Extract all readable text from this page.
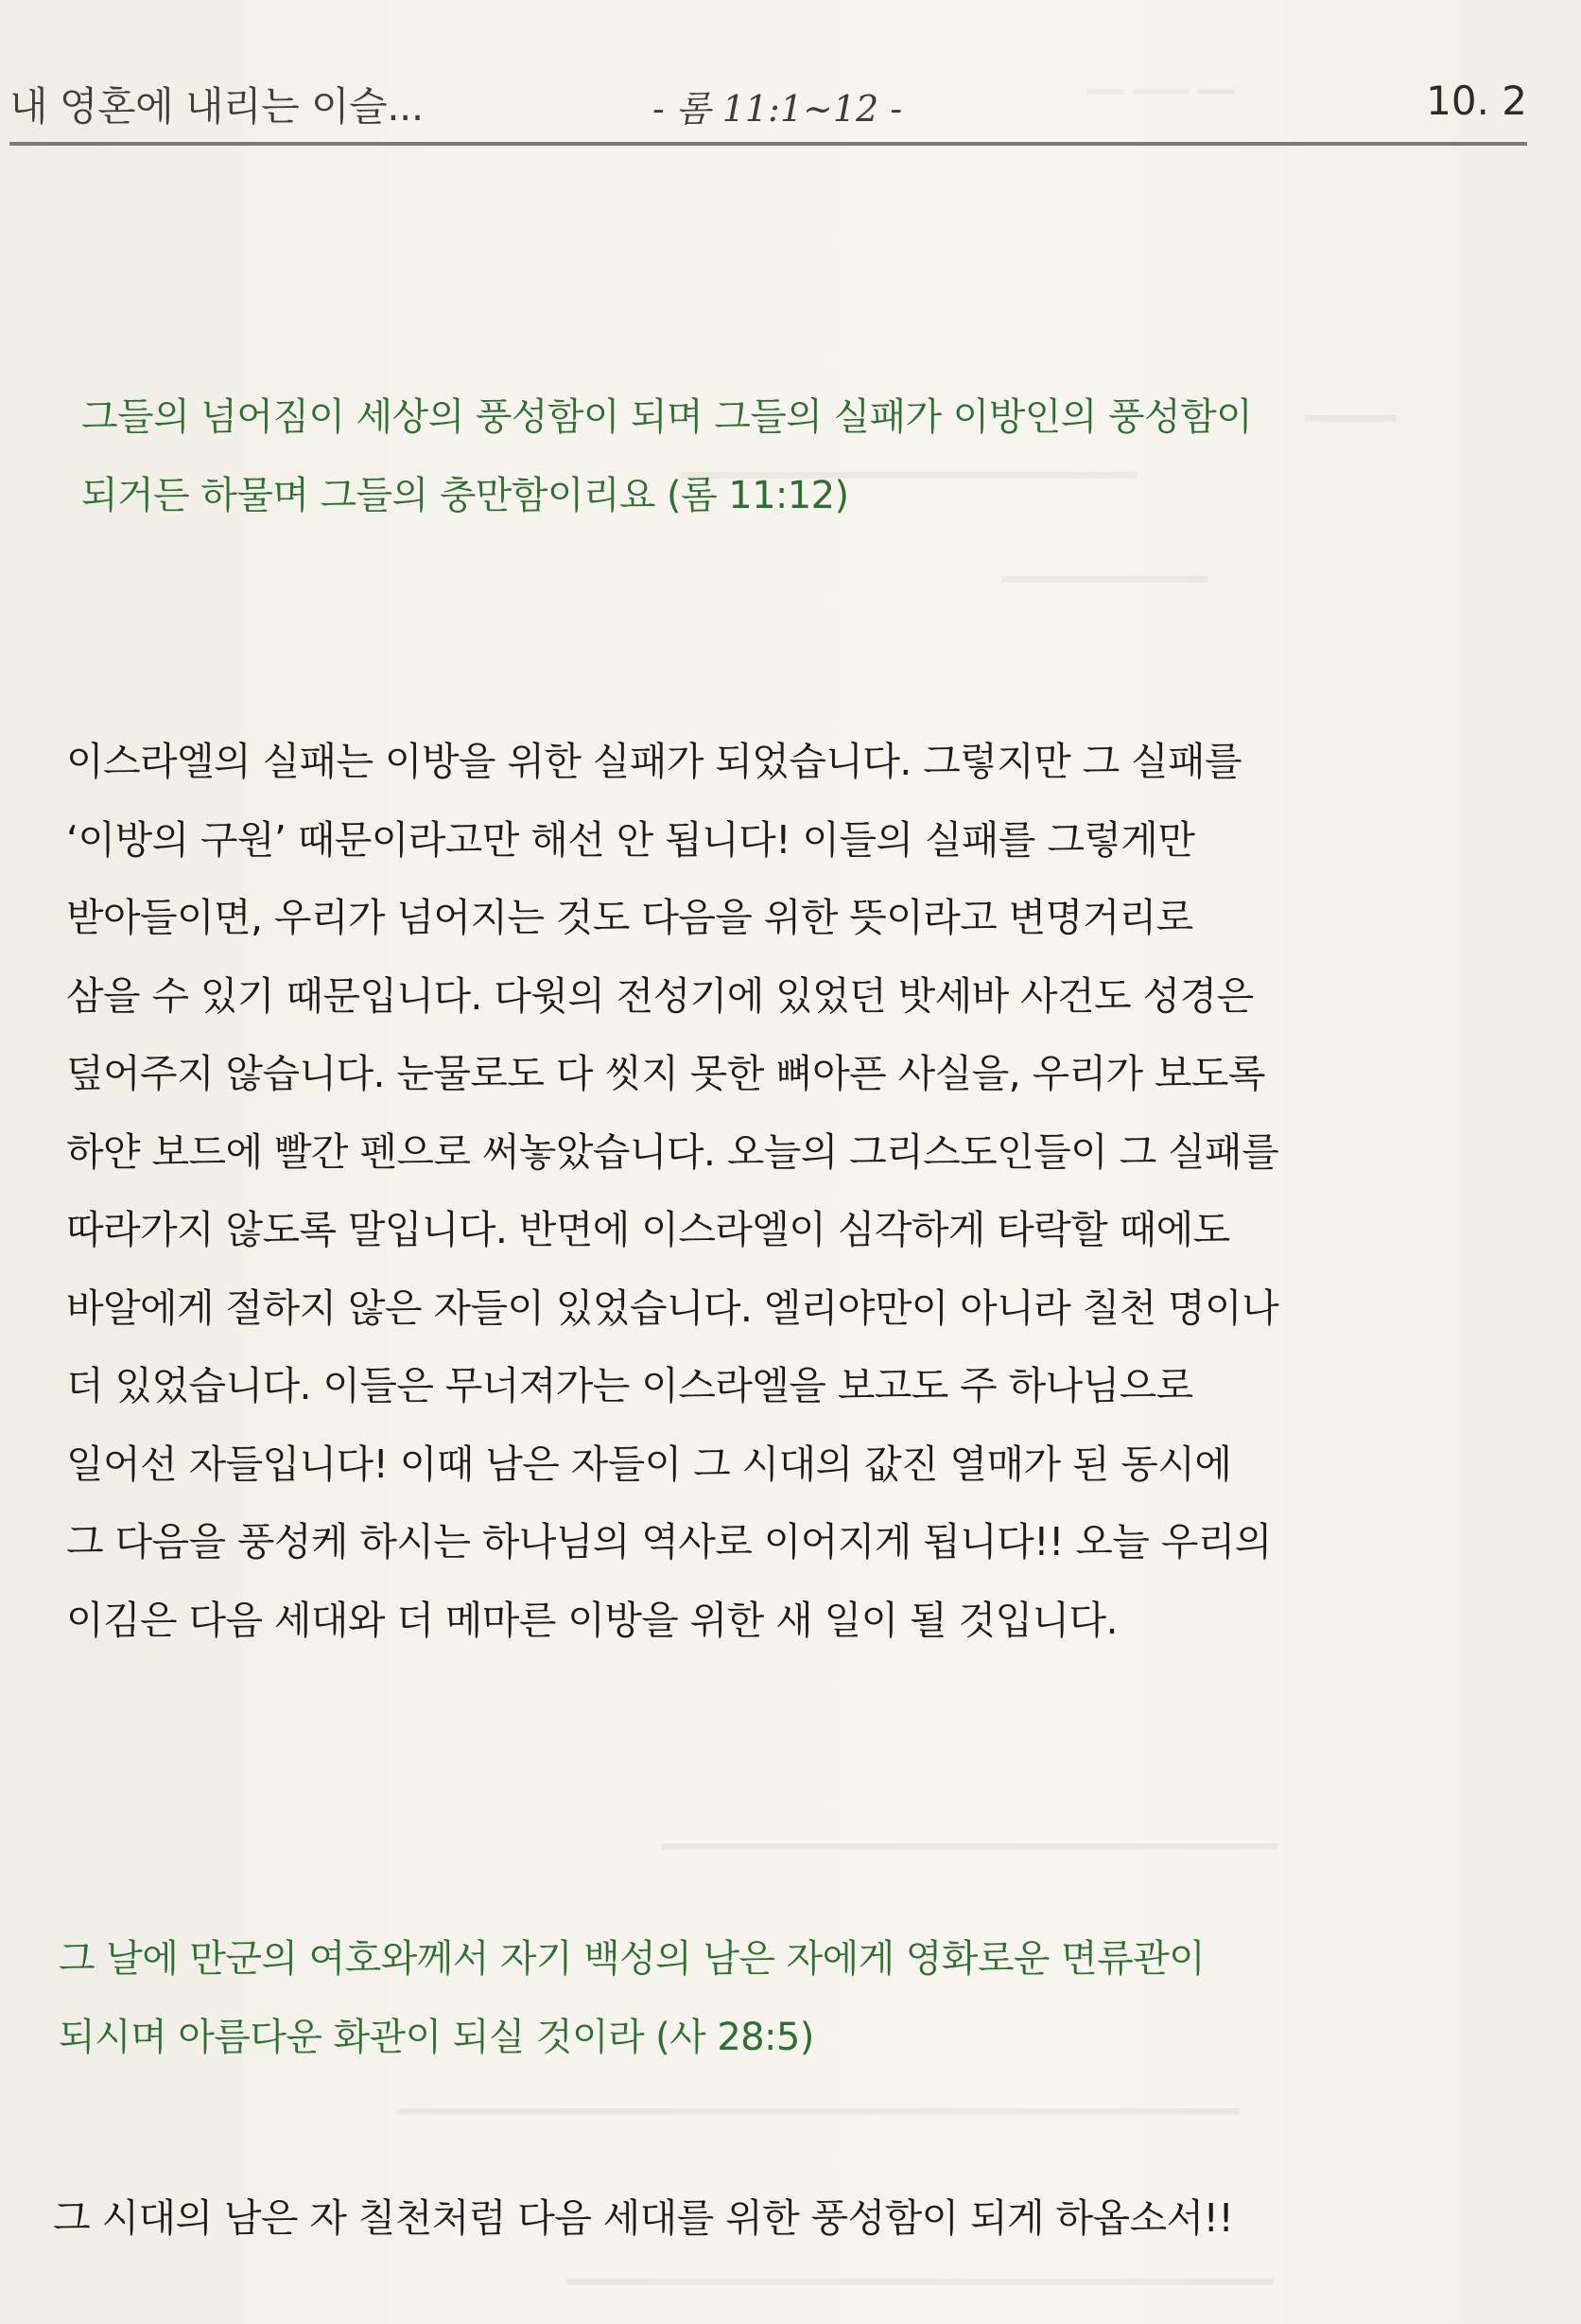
━━ ━━━ ━━
━━━━
━━━━━━━━━━━━━━━━━━━━
━━━━━━━━━
━━━━━━━━━━━━━━━━━━━━━━━━━━━
━━━━━━━━━━━━━━━━━━━━━━━━━━━━━━━━━━━━━
━━━━━━━━━━━━━━━━━━━━━━━━━━━━━━━
내 영혼에 내리는 이슬...	- 롬 11:1~12 -	10. 2

그들의 넘어짐이 세상의 풍성함이 되며 그들의 실패가 이방인의 풍성함이
되거든 하물며 그들의 충만함이리요 (롬 11:12)

이스라엘의 실패는 이방을 위한 실패가 되었습니다. 그렇지만 그 실패를
‘이방의 구원’ 때문이라고만 해선 안 됩니다! 이들의 실패를 그렇게만
받아들이면, 우리가 넘어지는 것도 다음을 위한 뜻이라고 변명거리로
삼을 수 있기 때문입니다. 다윗의 전성기에 있었던 밧세바 사건도 성경은
덮어주지 않습니다. 눈물로도 다 씻지 못한 뼈아픈 사실을, 우리가 보도록
하얀 보드에 빨간 펜으로 써놓았습니다. 오늘의 그리스도인들이 그 실패를
따라가지 않도록 말입니다. 반면에 이스라엘이 심각하게 타락할 때에도
바알에게 절하지 않은 자들이 있었습니다. 엘리야만이 아니라 칠천 명이나
더 있었습니다. 이들은 무너져가는 이스라엘을 보고도 주 하나님으로
일어선 자들입니다! 이때 남은 자들이 그 시대의 값진 열매가 된 동시에
그 다음을 풍성케 하시는 하나님의 역사로 이어지게 됩니다!! 오늘 우리의
이김은 다음 세대와 더 메마른 이방을 위한 새 일이 될 것입니다.

그 날에 만군의 여호와께서 자기 백성의 남은 자에게 영화로운 면류관이
되시며 아름다운 화관이 되실 것이라 (사 28:5)

그 시대의 남은 자 칠천처럼 다음 세대를 위한 풍성함이 되게 하옵소서!!
